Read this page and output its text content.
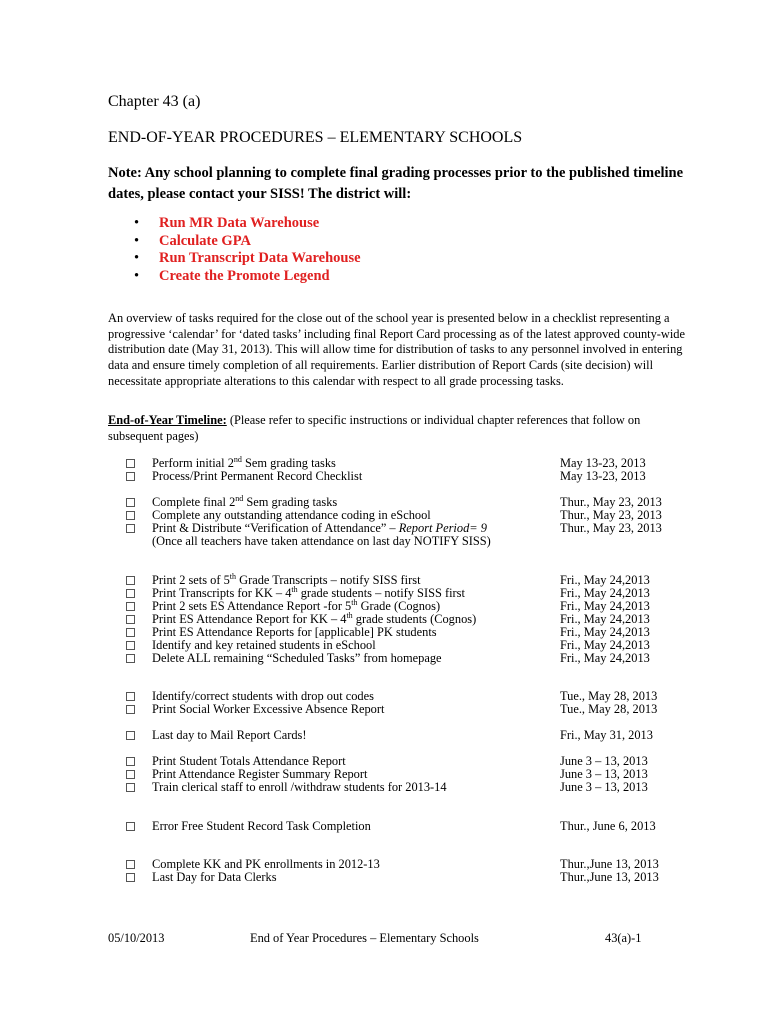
Chapter 43 (a)
END-OF-YEAR PROCEDURES – ELEMENTARY SCHOOLS
Note: Any school planning to complete final grading processes prior to the published timeline dates, please contact your SISS! The district will:
• Run MR Data Warehouse
• Calculate GPA
• Run Transcript Data Warehouse
• Create the Promote Legend
An overview of tasks required for the close out of the school year is presented below in a checklist representing a progressive ‘calendar’ for ‘dated tasks’ including final Report Card processing as of the latest approved county-wide distribution date (May 31, 2013). This will allow time for distribution of tasks to any personnel involved in entering data and ensure timely completion of all requirements. Earlier distribution of Report Cards (site decision) will necessitate appropriate alterations to this calendar with respect to all grade processing tasks.
End-of-Year Timeline: (Please refer to specific instructions or individual chapter references that follow on subsequent pages)
Perform initial 2nd Sem grading tasks	May 13-23, 2013
Process/Print Permanent Record Checklist	May 13-23, 2013
Complete final 2nd Sem grading tasks	Thur., May 23, 2013
Complete any outstanding attendance coding in eSchool	Thur., May 23, 2013
Print & Distribute “Verification of Attendance” – Report Period= 9	Thur., May 23, 2013
(Once all teachers have taken attendance on last day NOTIFY SISS)
Print 2 sets of 5th Grade Transcripts – notify SISS first	Fri., May 24,2013
Print Transcripts for KK – 4th grade students – notify SISS first	Fri., May 24,2013
Print 2 sets ES Attendance Report -for 5th Grade (Cognos)	Fri., May 24,2013
Print ES Attendance Report for KK – 4th grade students (Cognos)	Fri., May 24,2013
Print ES Attendance Reports for [applicable] PK students	Fri., May 24,2013
Identify and key retained students in eSchool	Fri., May 24,2013
Delete ALL remaining “Scheduled Tasks” from homepage	Fri., May 24,2013
Identify/correct students with drop out codes	Tue., May 28, 2013
Print Social Worker Excessive Absence Report	Tue., May 28, 2013
Last day to Mail Report Cards!	Fri., May 31, 2013
Print Student Totals Attendance Report	June 3 – 13, 2013
Print Attendance Register Summary Report	June 3 – 13, 2013
Train clerical staff to enroll /withdraw students for 2013-14	June 3 – 13, 2013
Error Free Student Record Task Completion	Thur., June 6, 2013
Complete KK and PK enrollments in 2012-13	Thur.,June 13, 2013
Last Day for Data Clerks	Thur.,June 13, 2013
05/10/2013	End of Year Procedures – Elementary Schools	43(a)-1
